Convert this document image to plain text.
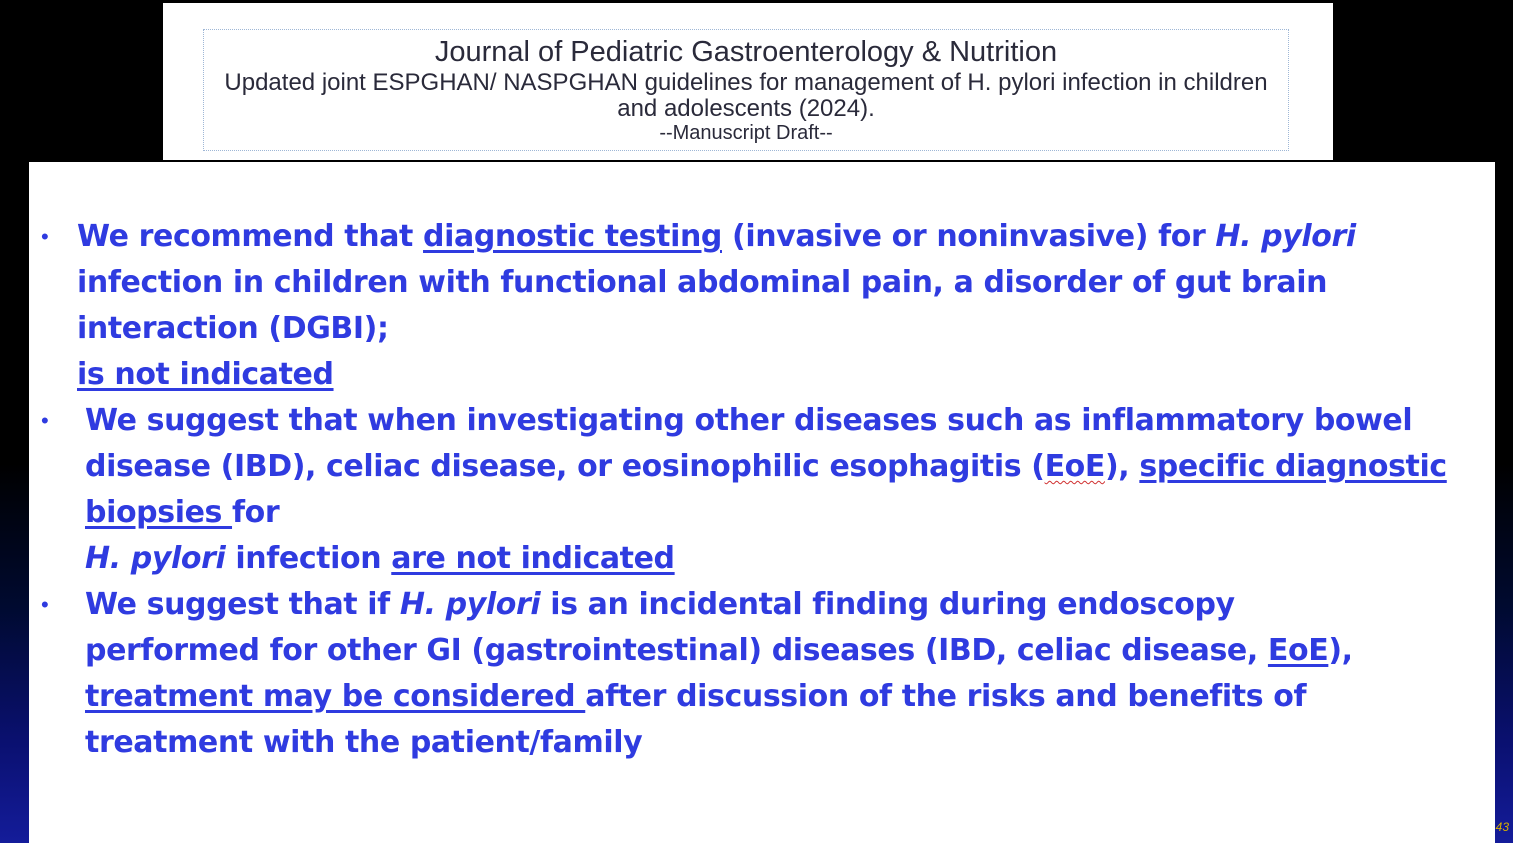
Journal of Pediatric Gastroenterology & Nutrition
Updated joint ESPGHAN/ NASPGHAN guidelines for management of H. pylori infection in children and adolescents (2024).
--Manuscript Draft--
• We recommend that diagnostic testing (invasive or noninvasive) for H. pylori infection in children with functional abdominal pain, a disorder of gut brain interaction (DGBI);
is not indicated
• We suggest that when investigating other diseases such as inflammatory bowel disease (IBD), celiac disease, or eosinophilic esophagitis (EoE), specific diagnostic biopsies for
H. pylori infection are not indicated
• We suggest that if H. pylori is an incidental finding during endoscopy performed for other GI (gastrointestinal) diseases (IBD, celiac disease, EoE), treatment may be considered after discussion of the risks and benefits of treatment with the patient/family
43
